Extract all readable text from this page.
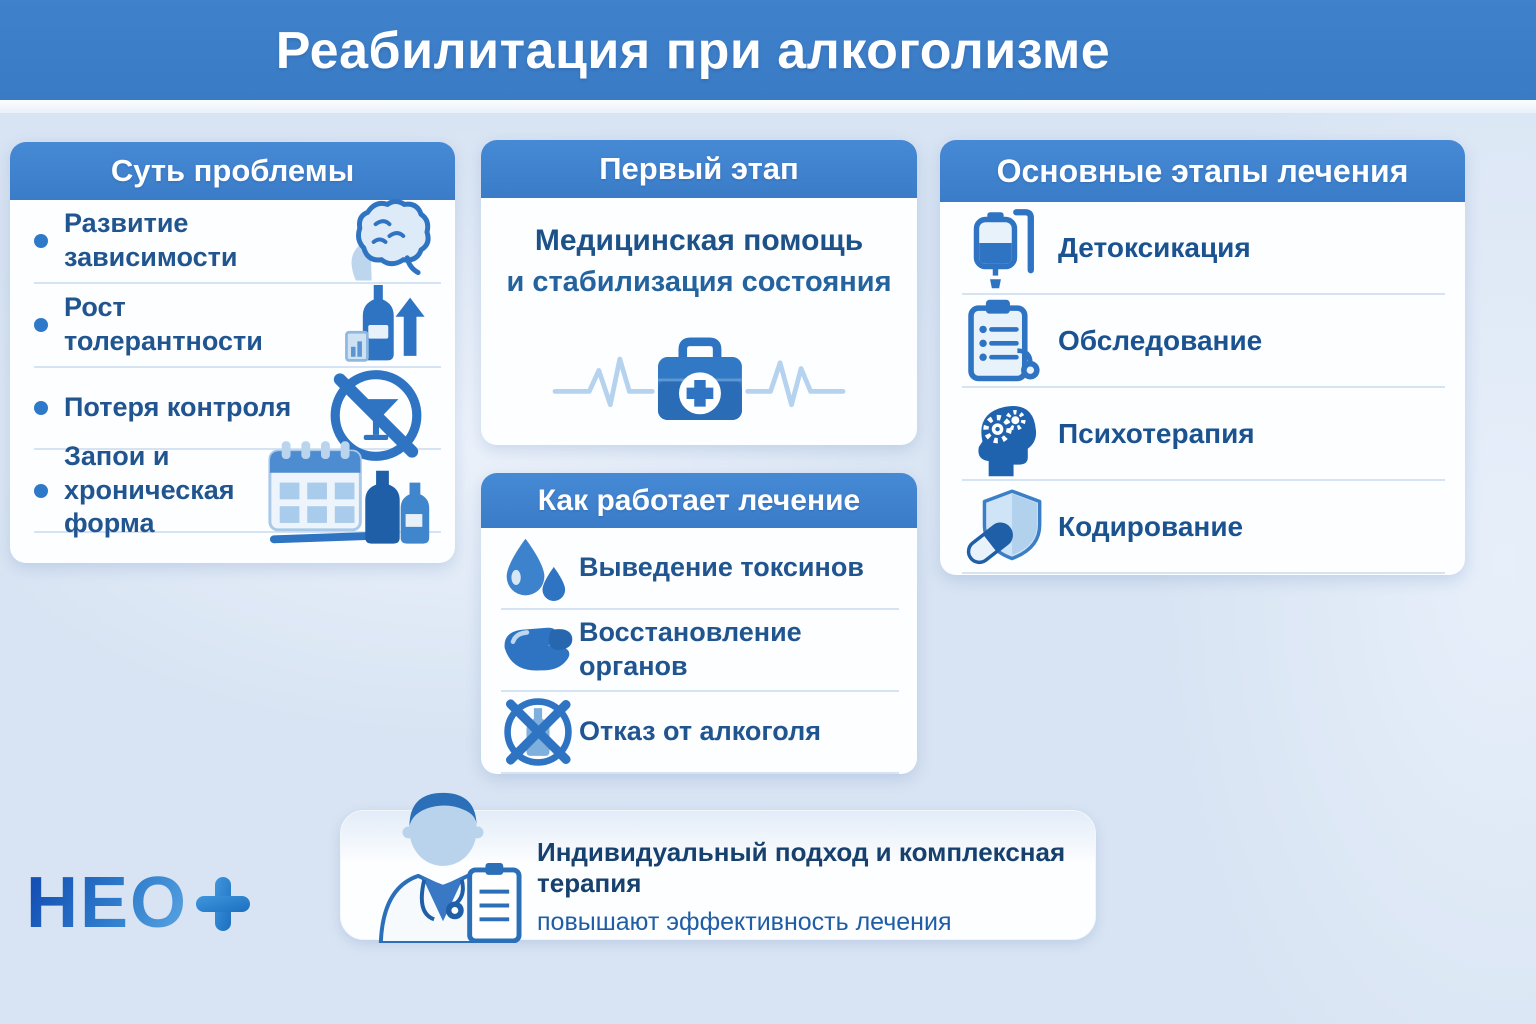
Реабилитация при алкоголизме
Суть проблемы
Развитие зависимости
Рост толерантности
Потеря контроля
Запои и хроническая форма
Первый этап
Медицинская помощь
и стабилизация состояния
Как работает лечение
Выведение токсинов
Восстановление органов
Отказ от алкоголя
Основные этапы лечения
Детоксикация
Обследование
Психотерапия
Кодирование
Индивидуальный подход и комплексная терапия
повышают эффективность лечения
НЕО
